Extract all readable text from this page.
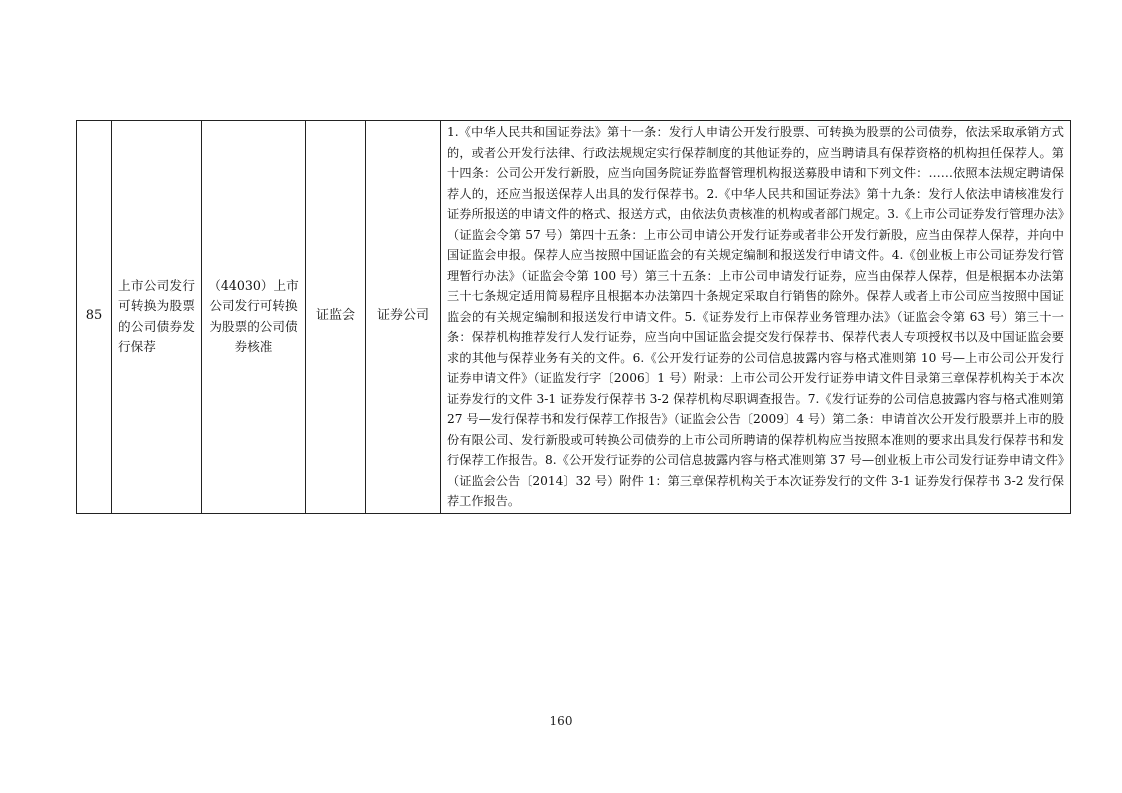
85	上市公司发行可转换为股票的公司债券发行保荐	（44030）上市公司发行可转换为股票的公司债券核准	证监会	证券公司	1.《中华人民共和国证券法》第十一条：发行人申请公开发行股票、可转换为股票的公司债券，依法采取承销方式的，或者公开发行法律、行政法规规定实行保荐制度的其他证券的，应当聘请具有保荐资格的机构担任保荐人。第十四条：公司公开发行新股，应当向国务院证券监督管理机构报送募股申请和下列文件：……依照本法规定聘请保荐人的，还应当报送保荐人出具的发行保荐书。2.《中华人民共和国证券法》第十九条：发行人依法申请核准发行证券所报送的申请文件的格式、报送方式，由依法负责核准的机构或者部门规定。3.《上市公司证券发行管理办法》（证监会令第 57 号）第四十五条：上市公司申请公开发行证券或者非公开发行新股，应当由保荐人保荐，并向中国证监会申报。保荐人应当按照中国证监会的有关规定编制和报送发行申请文件。4.《创业板上市公司证券发行管理暂行办法》（证监会令第 100 号）第三十五条：上市公司申请发行证券，应当由保荐人保荐，但是根据本办法第三十七条规定适用简易程序且根据本办法第四十条规定采取自行销售的除外。保荐人或者上市公司应当按照中国证监会的有关规定编制和报送发行申请文件。5.《证券发行上市保荐业务管理办法》（证监会令第 63 号）第三十一条：保荐机构推荐发行人发行证券，应当向中国证监会提交发行保荐书、保荐代表人专项授权书以及中国证监会要求的其他与保荐业务有关的文件。6.《公开发行证券的公司信息披露内容与格式准则第 10 号—上市公司公开发行证券申请文件》（证监发行字〔2006〕1 号）附录：上市公司公开发行证券申请文件目录第三章保荐机构关于本次证券发行的文件 3-1 证券发行保荐书 3-2 保荐机构尽职调查报告。7.《发行证券的公司信息披露内容与格式准则第 27 号—发行保荐书和发行保荐工作报告》（证监会公告〔2009〕4 号）第二条：申请首次公开发行股票并上市的股份有限公司、发行新股或可转换公司债券的上市公司所聘请的保荐机构应当按照本准则的要求出具发行保荐书和发行保荐工作报告。8.《公开发行证券的公司信息披露内容与格式准则第 37 号—创业板上市公司发行证券申请文件》（证监会公告〔2014〕32 号）附件 1：第三章保荐机构关于本次证券发行的文件 3-1 证券发行保荐书 3-2 发行保荐工作报告。
160
